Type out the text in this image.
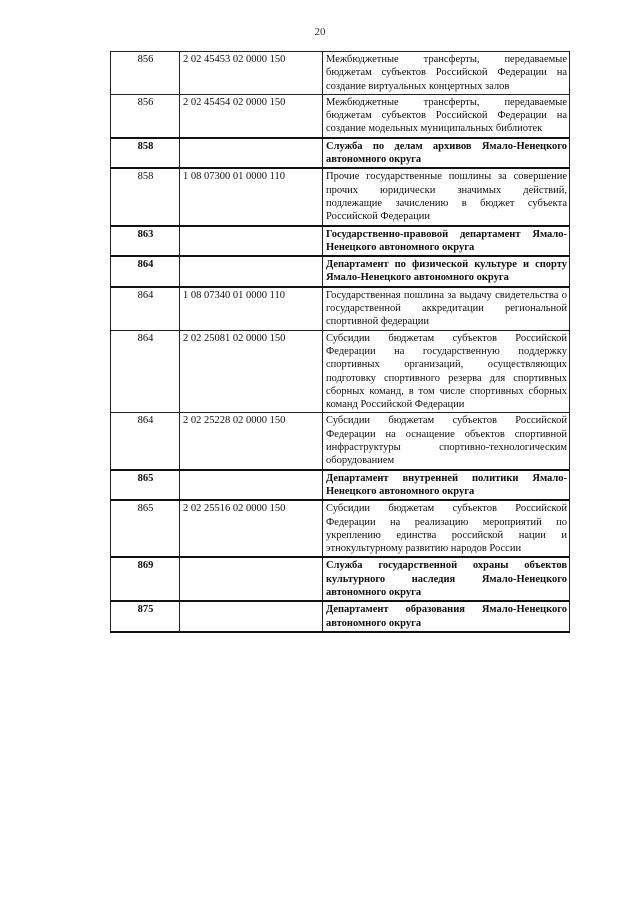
20
856	2 02 45453 02 0000 150	Межбюджетные трансферты, передаваемые бюджетам субъектов Российской Федерации на создание виртуальных концертных залов
856	2 02 45454 02 0000 150	Межбюджетные трансферты, передаваемые бюджетам субъектов Российской Федерации на создание модельных муниципальных библиотек
858		Служба по делам архивов Ямало-Ненецкого автономного округа
858	1 08 07300 01 0000 110	Прочие государственные пошлины за совершение прочих юридически значимых действий, подлежащие зачислению в бюджет субъекта Российской Федерации
863		Государственно-правовой департамент Ямало-Ненецкого автономного округа
864		Департамент по физической культуре и спорту Ямало-Ненецкого автономного округа
864	1 08 07340 01 0000 110	Государственная пошлина за выдачу свидетельства о государственной аккредитации региональной спортивной федерации
864	2 02 25081 02 0000 150	Субсидии бюджетам субъектов Российской Федерации на государственную поддержку спортивных организаций, осуществляющих подготовку спортивного резерва для спортивных сборных команд, в том числе спортивных сборных команд Российской Федерации
864	2 02 25228 02 0000 150	Субсидии бюджетам субъектов Российской Федерации на оснащение объектов спортивной инфраструктуры спортивно-технологическим оборудованием
865		Департамент внутренней политики Ямало-Ненецкого автономного округа
865	2 02 25516 02 0000 150	Субсидии бюджетам субъектов Российской Федерации на реализацию мероприятий по укреплению единства российской нации и этнокультурному развитию народов России
869		Служба государственной охраны объектов культурного наследия Ямало-Ненецкого автономного округа
875		Департамент образования Ямало-Ненецкого автономного округа
